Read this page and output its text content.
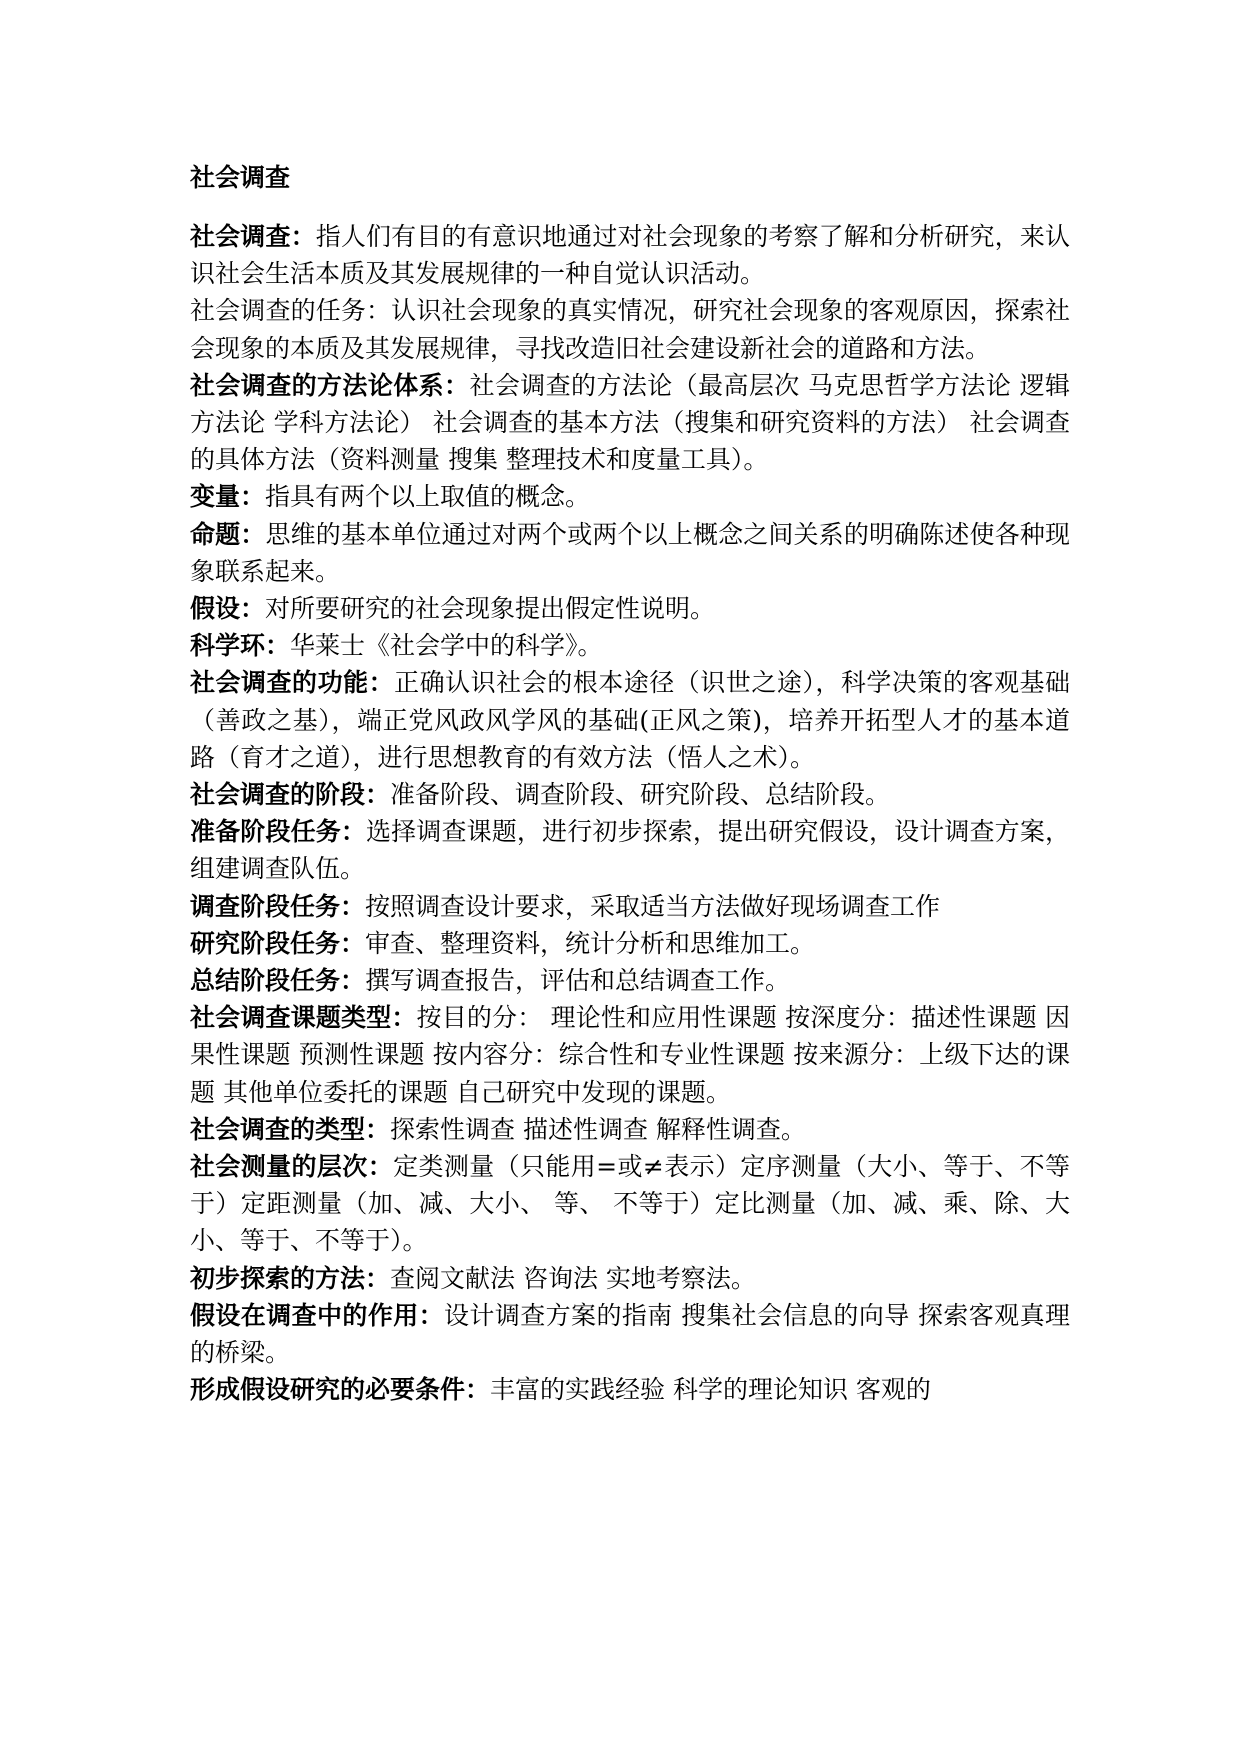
社会调查

社会调查：指人们有目的有意识地通过对社会现象的考察了解和分析研究，来认识社会生活本质及其发展规律的一种自觉认识活动。

社会调查的任务：认识社会现象的真实情况，研究社会现象的客观原因，探索社会现象的本质及其发展规律，寻找改造旧社会建设新社会的道路和方法。

社会调查的方法论体系：社会调查的方法论（最高层次 马克思哲学方法论 逻辑方法论 学科方法论） 社会调查的基本方法（搜集和研究资料的方法） 社会调查的具体方法（资料测量 搜集 整理技术和度量工具）。

变量：指具有两个以上取值的概念。

命题：思维的基本单位通过对两个或两个以上概念之间关系的明确陈述使各种现象联系起来。

假设：对所要研究的社会现象提出假定性说明。

科学环：华莱士《社会学中的科学》。

社会调查的功能：正确认识社会的根本途径（识世之途），科学决策的客观基础（善政之基），端正党风政风学风的基础(正风之策)，培养开拓型人才的基本道路（育才之道），进行思想教育的有效方法（悟人之术）。

社会调查的阶段：准备阶段、调查阶段、研究阶段、总结阶段。

准备阶段任务：选择调查课题，进行初步探索，提出研究假设，设计调查方案，组建调查队伍。

调查阶段任务：按照调查设计要求，采取适当方法做好现场调查工作

研究阶段任务：审查、整理资料，统计分析和思维加工。

总结阶段任务：撰写调查报告，评估和总结调查工作。

社会调查课题类型：按目的分： 理论性和应用性课题 按深度分：描述性课题 因果性课题 预测性课题 按内容分：综合性和专业性课题 按来源分：上级下达的课题 其他单位委托的课题 自己研究中发现的课题。

社会调查的类型：探索性调查 描述性调查 解释性调查。

社会测量的层次：定类测量（只能用=或≠表示）定序测量（大小、等于、不等于）定距测量（加、减、大小、 等、 不等于）定比测量（加、减、乘、除、大小、等于、不等于）。

初步探索的方法：查阅文献法 咨询法 实地考察法。

假设在调查中的作用：设计调查方案的指南 搜集社会信息的向导 探索客观真理的桥梁。

形成假设研究的必要条件：丰富的实践经验 科学的理论知识 客观的
